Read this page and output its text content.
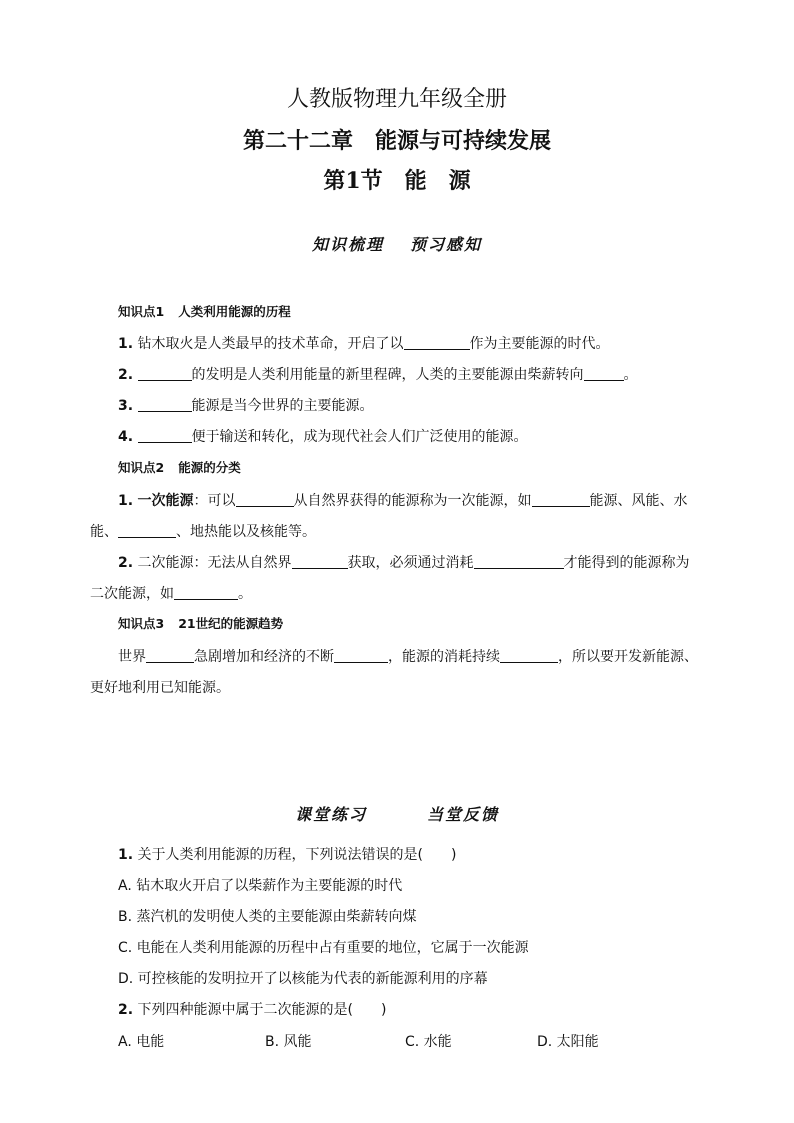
人教版物理九年级全册
第二十二章　能源与可持续发展
第1节　能　源
知识梳理 预习感知
知识点1 人类利用能源的历程
1. 钻木取火是人类最早的技术革命，开启了以	作为主要能源的时代。
2.	的发明是人类利用能量的新里程碑，人类的主要能源由柴薪转向	。
3.	能源是当今世界的主要能源。
4.	便于输送和转化，成为现代社会人们广泛使用的能源。
知识点2 能源的分类
1. 一次能源：可以	从自然界获得的能源称为一次能源，如	能源、风能、水
能、	、地热能以及核能等。
2. 二次能源：无法从自然界	获取，必须通过消耗	才能得到的能源称为
二次能源，如	。
知识点3 21世纪的能源趋势
世界	急剧增加和经济的不断	，能源的消耗持续	，所以要开发新能源、
更好地利用已知能源。
课堂练习	当堂反馈
1. 关于人类利用能源的历程，下列说法错误的是(　　)
A. 钻木取火开启了以柴薪作为主要能源的时代
B. 蒸汽机的发明使人类的主要能源由柴薪转向煤
C. 电能在人类利用能源的历程中占有重要的地位，它属于一次能源
D. 可控核能的发明拉开了以核能为代表的新能源利用的序幕
2. 下列四种能源中属于二次能源的是(　　)
A. 电能	B. 风能	C. 水能	D. 太阳能
